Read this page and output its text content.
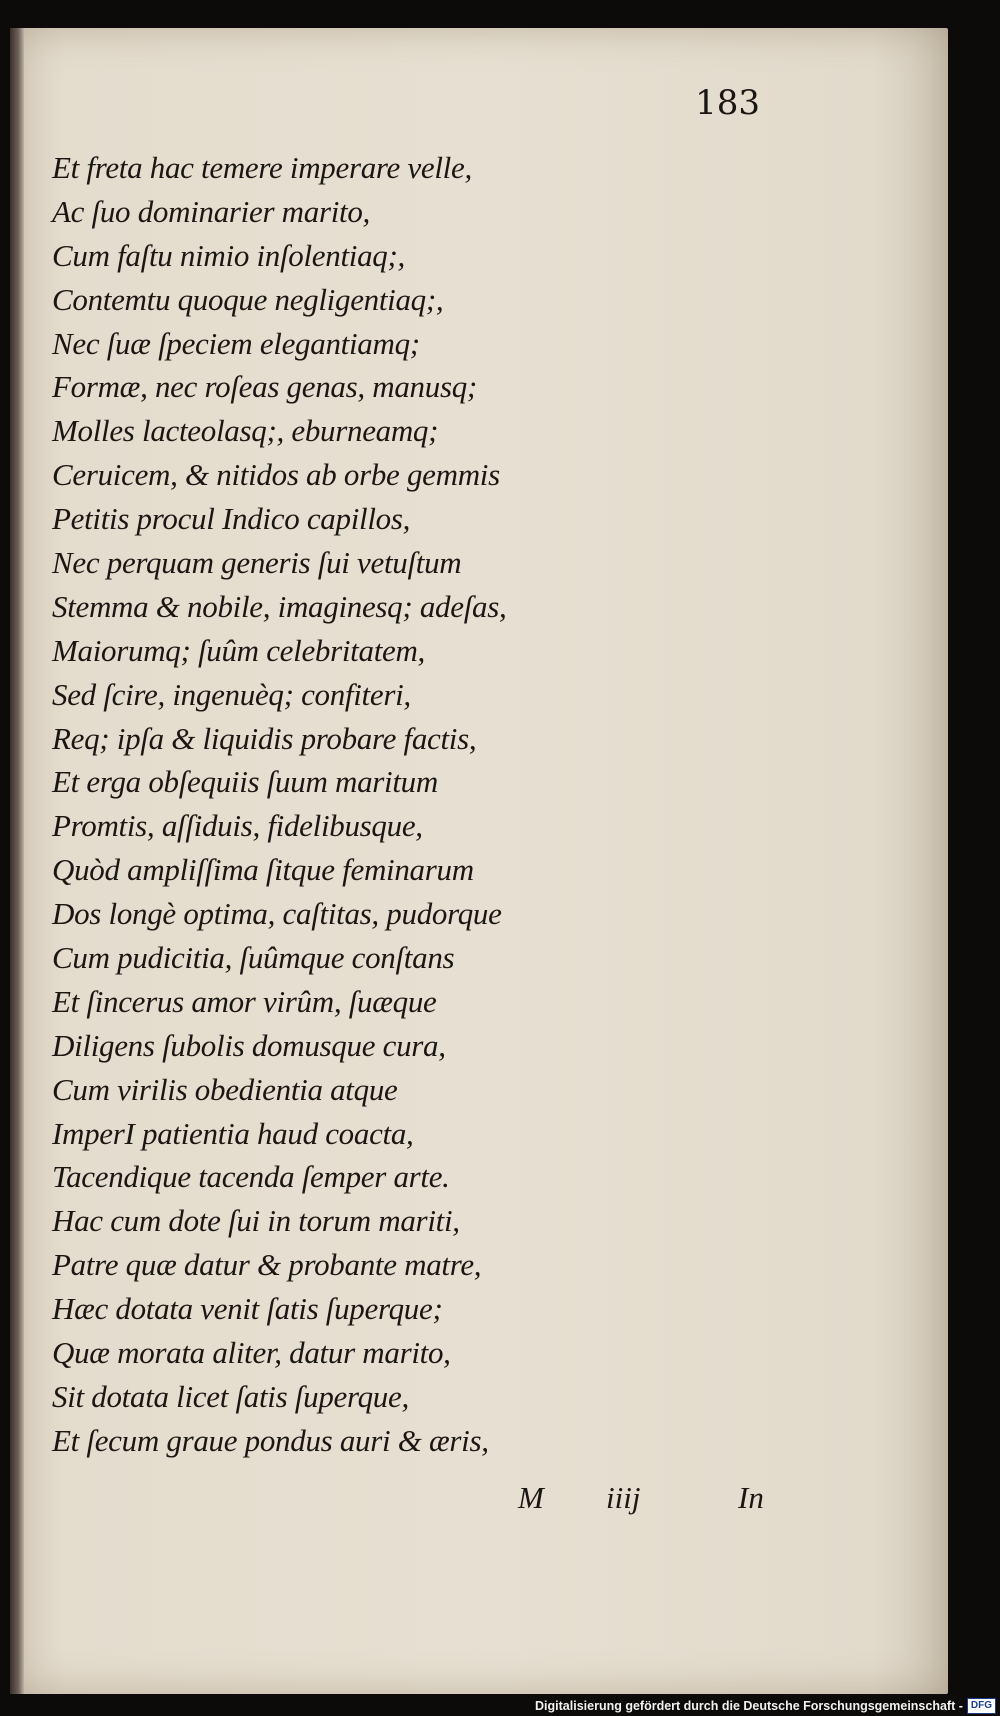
183
Et freta hac temere imperare velle,
Ac ſuo dominarier marito,
Cum faſtu nimio inſolentiaq;,
Contemtu quoque negligentiaq;,
Nec ſuæ ſpeciem elegantiamq;
Formæ, nec roſeas genas, manusq;
Molles lacteolasq;, eburneamq;
Ceruicem, & nitidos ab orbe gemmis
Petitis procul Indico capillos,
Nec perquam generis ſui vetuſtum
Stemma & nobile, imaginesq; adeſas,
Maiorumq; ſuûm celebritatem,
Sed ſcire, ingenuèq; confiteri,
Req; ipſa & liquidis probare factis,
Et erga obſequiis ſuum maritum
Promtis, aſſiduis, fidelibusque,
Quòd ampliſſima ſitque feminarum
Dos longè optima, caſtitas, pudorque
Cum pudicitia, ſuûmque conſtans
Et ſincerus amor virûm, ſuæque
Diligens ſubolis domusque cura,
Cum virilis obedientia atque
ImperI patientia haud coacta,
Tacendique tacenda ſemper arte.
Hac cum dote ſui in torum mariti,
Patre quæ datur & probante matre,
Hæc dotata venit ſatis ſuperque;
Quæ morata aliter, datur marito,
Sit dotata licet ſatis ſuperque,
Et ſecum graue pondus auri & æris,
M iiij	In
Digitalisierung gefördert durch die Deutsche Forschungsgemeinschaft - DFG
